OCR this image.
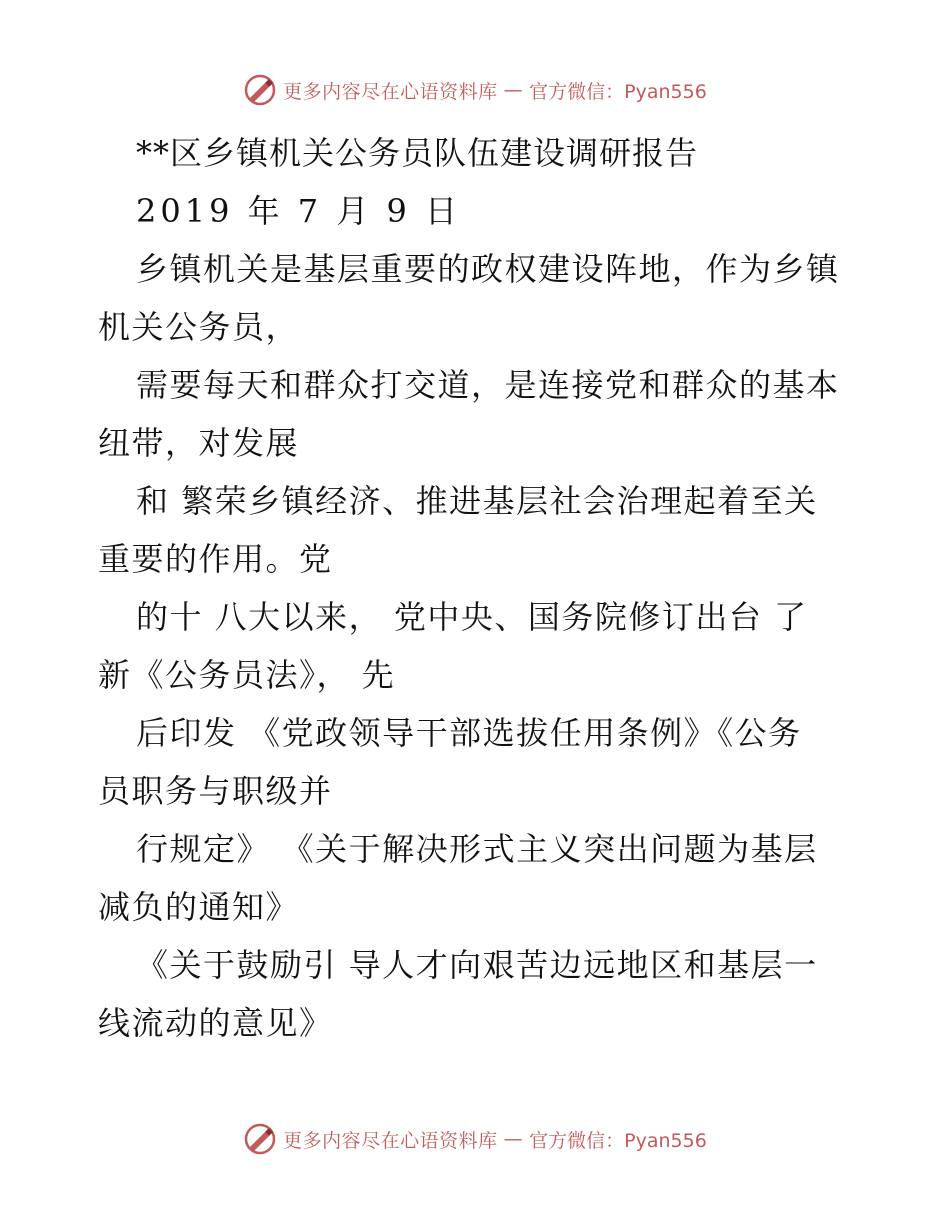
更多内容尽在心语资料库 — 官方微信：Pyan556
**区乡镇机关公务员队伍建设调研报告
2019 年 7 月 9 日
乡镇机关是基层重要的政权建设阵地，作为乡镇
机关公务员，
需要每天和群众打交道，是连接党和群众的基本
纽带，对发展
和 繁荣乡镇经济、推进基层社会治理起着至关
重要的作用。党
的十 八大以来， 党中央、国务院修订出台 了
新《公务员法》， 先
后印发 《党政领导干部选拔任用条例》《公务
员职务与职级并
行规定》 《关于解决形式主义突出问题为基层
减负的通知》
《关于鼓励引 导人才向艰苦边远地区和基层一
线流动的意见》
更多内容尽在心语资料库 — 官方微信：Pyan556
